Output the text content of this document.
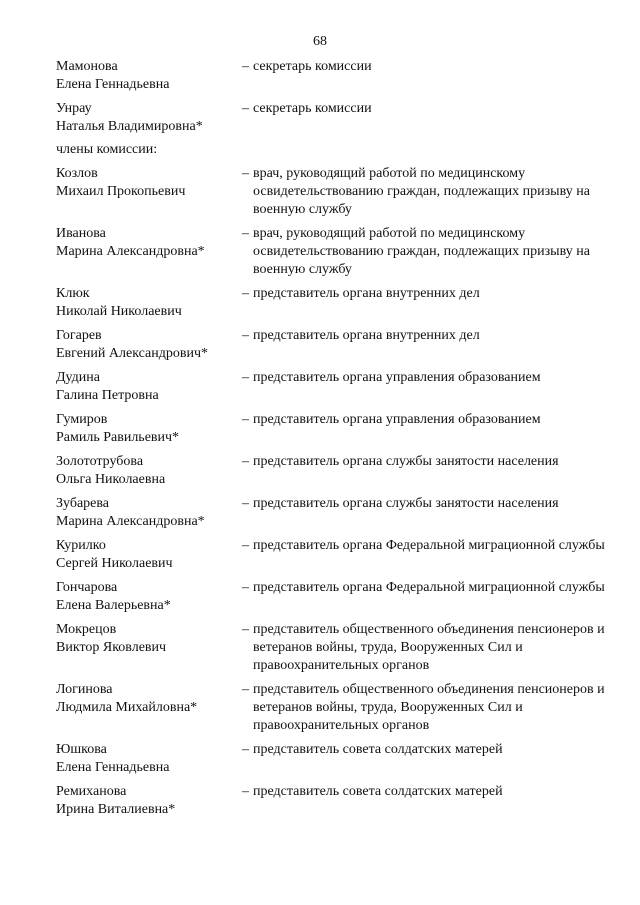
68
Мамонова
Елена Геннадьевна
– секретарь комиссии
Унрау
Наталья Владимировна*
– секретарь комиссии
члены комиссии:
Козлов
Михаил Прокопьевич
– врач, руководящий работой по медицинскому освидетельствованию граждан, подлежащих призыву на военную службу
Иванова
Марина Александровна*
– врач, руководящий работой по медицинскому освидетельствованию граждан, подлежащих призыву на военную службу
Клюк
Николай Николаевич
– представитель органа внутренних дел
Гогарев
Евгений Александрович*
– представитель органа внутренних дел
Дудина
Галина Петровна
– представитель органа управления образованием
Гумиров
Рамиль Равильевич*
– представитель органа управления образованием
Золототрубова
Ольга Николаевна
– представитель органа службы занятости населения
Зубарева
Марина Александровна*
– представитель органа службы занятости населения
Курилко
Сергей Николаевич
– представитель органа Федеральной миграционной службы
Гончарова
Елена Валерьевна*
– представитель органа Федеральной миграционной службы
Мокрецов
Виктор Яковлевич
– представитель общественного объединения пенсионеров и ветеранов войны, труда, Вооруженных Сил и правоохранительных органов
Логинова
Людмила Михайловна*
– представитель общественного объединения пенсионеров и ветеранов войны, труда, Вооруженных Сил и правоохранительных органов
Юшкова
Елена Геннадьевна
– представитель совета солдатских матерей
Ремиханова
Ирина Виталиевна*
– представитель совета солдатских матерей
